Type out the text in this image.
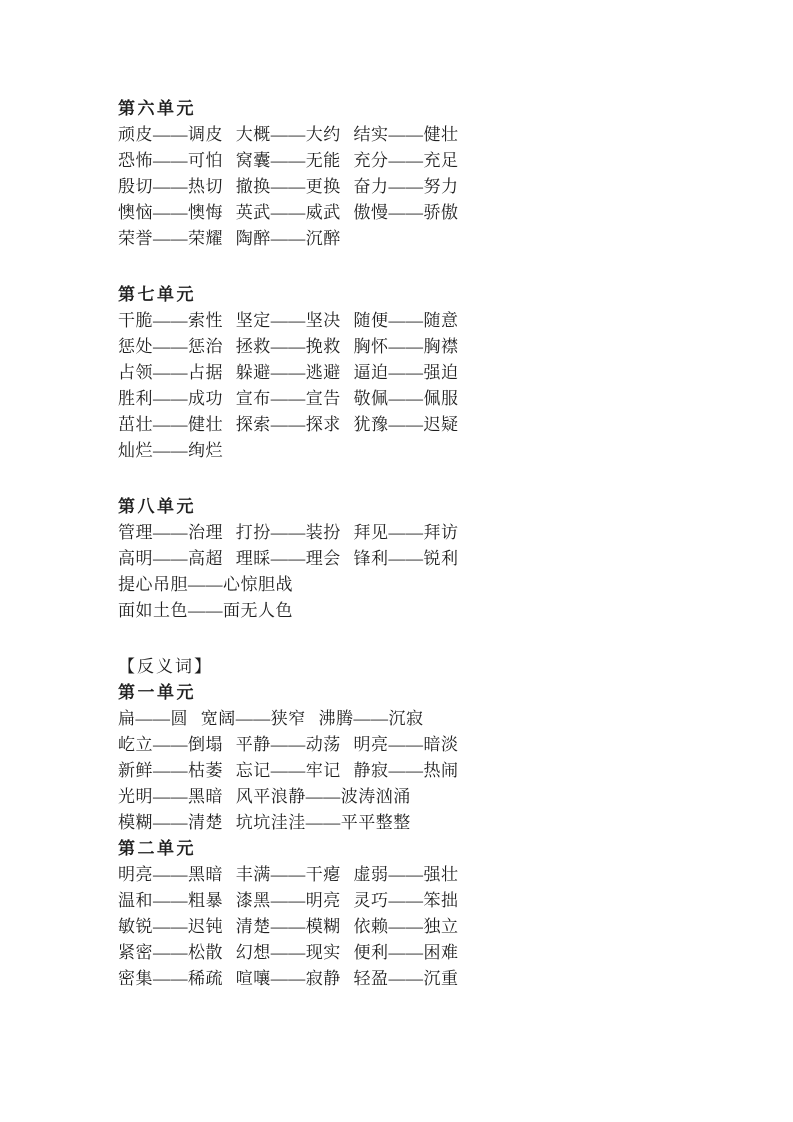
第六单元
顽皮——调皮 大概——大约 结实——健壮
恐怖——可怕 窝囊——无能 充分——充足
殷切——热切 撤换——更换 奋力——努力
懊恼——懊悔 英武——威武 傲慢——骄傲
荣誉——荣耀 陶醉——沉醉
第七单元
干脆——索性 坚定——坚决 随便——随意
惩处——惩治 拯救——挽救 胸怀——胸襟
占领——占据 躲避——逃避 逼迫——强迫
胜利——成功 宣布——宣告 敬佩——佩服
茁壮——健壮 探索——探求 犹豫——迟疑
灿烂——绚烂
第八单元
管理——治理 打扮——装扮 拜见——拜访
高明——高超 理睬——理会 锋利——锐利
提心吊胆——心惊胆战
面如土色——面无人色
【反义词】
第一单元
扁——圆 宽阔——狭窄 沸腾——沉寂
屹立——倒塌 平静——动荡 明亮——暗淡
新鲜——枯萎 忘记——牢记 静寂——热闹
光明——黑暗 风平浪静——波涛汹涌
模糊——清楚 坑坑洼洼——平平整整
第二单元
明亮——黑暗 丰满——干瘪 虚弱——强壮
温和——粗暴 漆黑——明亮 灵巧——笨拙
敏锐——迟钝 清楚——模糊 依赖——独立
紧密——松散 幻想——现实 便利——困难
密集——稀疏 喧嚷——寂静 轻盈——沉重
